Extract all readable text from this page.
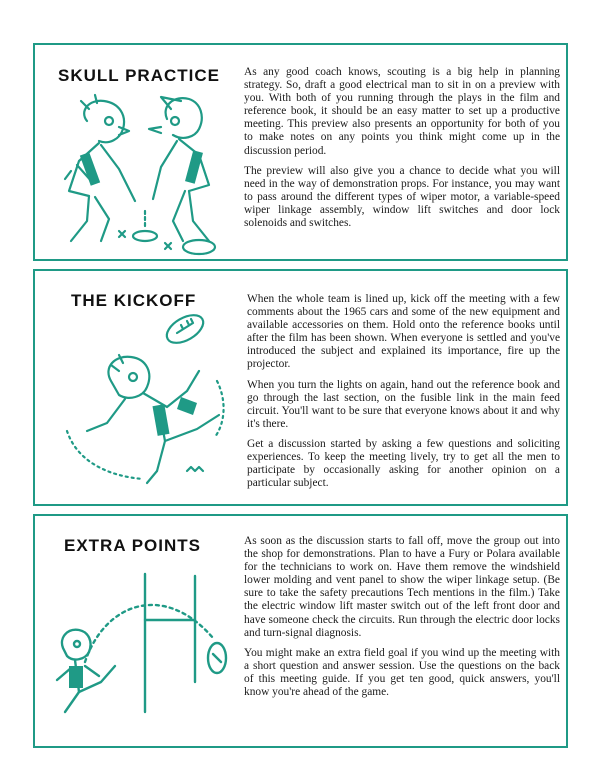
SKULL PRACTICE As any good coach knows, scouting is a big help in planning strategy. So, draft a good electrical man to sit in on a preview with you. With both of you running through the plays in the film and reference book, it should be an easy matter to set up a productive meeting. This preview also presents an opportunity for both of you to make notes on any points you think might come up in the discussion period.

The preview will also give you a chance to decide what you will need in the way of demonstration props. For instance, you may want to pass around the different types of wiper motor, a variable-speed wiper linkage assembly, window lift switches and door lock solenoids and switches.

THE KICKOFF	When the whole team is lined up, kick off the meeting with a few comments about the 1965 cars and some of the new equipment and available accessories on them. Hold onto the reference books until after the film has been shown. When everyone is settled and you've introduced the subject and explained its importance, fire up the projector.

When you turn the lights on again, hand out the reference book and go through the last section, on the fusible link in the main feed circuit. You'll want to be sure that everyone knows about it and why it's there.

Get a discussion started by asking a few questions and soliciting experiences. To keep the meeting lively, try to get all the men to participate by occasionally asking for another opinion on a particular subject.

EXTRA POINTS	As soon as the discussion starts to fall off, move the group out into the shop for demonstrations. Plan to have a Fury or Polara available for the technicians to work on. Have them remove the windshield lower molding and vent panel to show the wiper linkage setup. (Be sure to take the safety precautions Tech mentions in the film.) Take the electric window lift master switch out of the left front door and have someone check the circuits. Run through the electric door locks and turn-signal diagnosis.

You might make an extra field goal if you wind up the meeting with a short question and answer session. Use the questions on the back of this meeting guide. If you get ten good, quick answers, you'll know you're ahead of the game.
